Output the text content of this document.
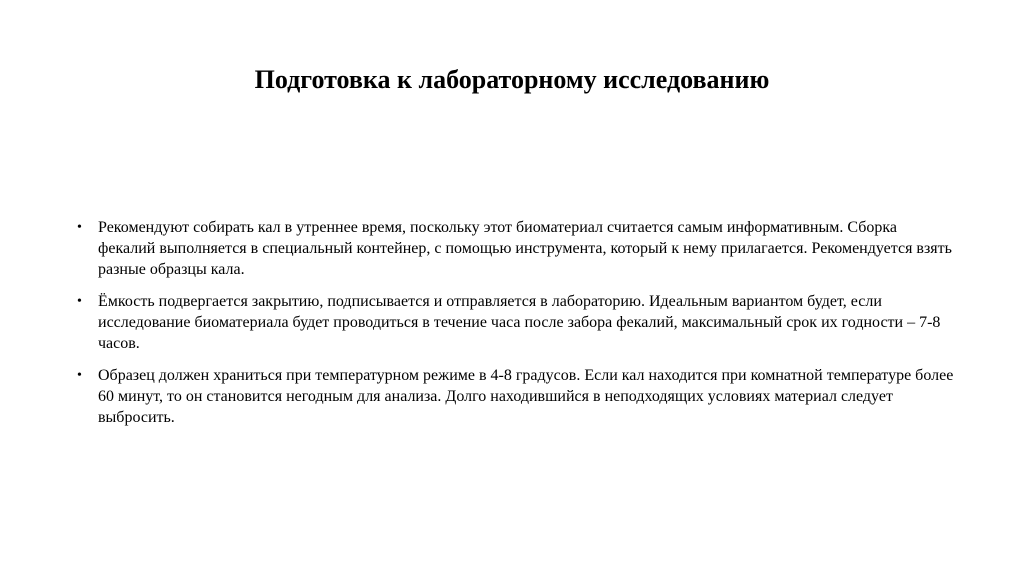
Подготовка к лабораторному исследованию
• Рекомендуют собирать кал в утреннее время, поскольку этот биоматериал считается самым информативным. Сборка фекалий выполняется в специальный контейнер, с помощью инструмента, который к нему прилагается. Рекомендуется взять разные образцы кала.
• Ёмкость подвергается закрытию, подписывается и отправляется в лабораторию. Идеальным вариантом будет, если исследование биоматериала будет проводиться в течение часа после забора фекалий, максимальный срок их годности – 7-8 часов.
• Образец должен храниться при температурном режиме в 4-8 градусов. Если кал находится при комнатной температуре более 60 минут, то он становится негодным для анализа. Долго находившийся в неподходящих условиях материал следует выбросить.
